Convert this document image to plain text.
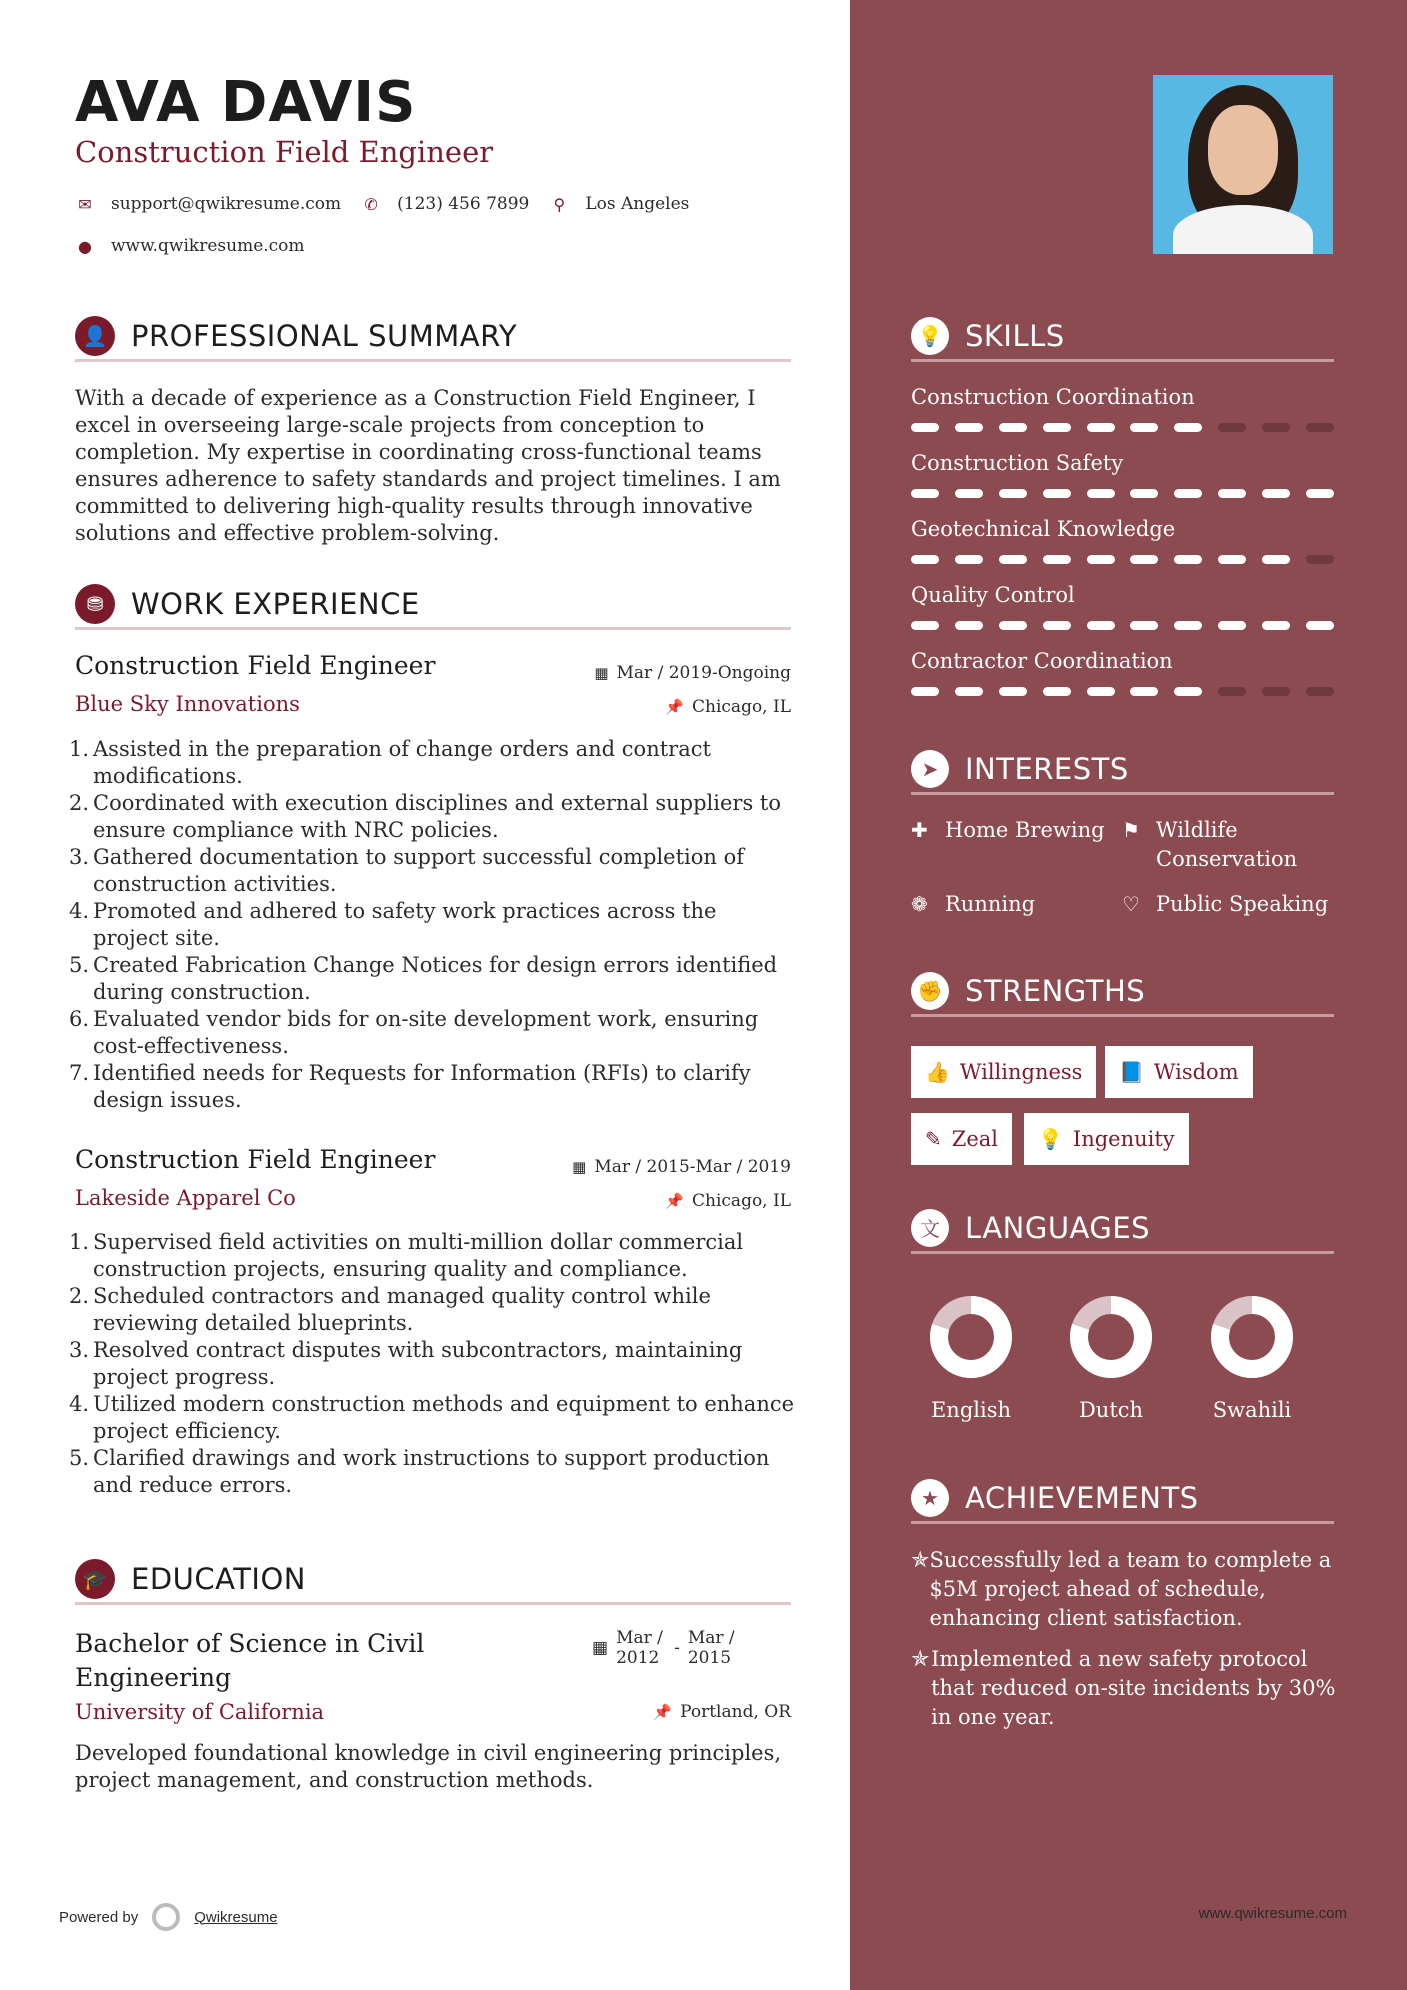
AVA DAVIS
Construction Field Engineer
✉ support@qwikresume.com ✆ (123) 456 7899 ⚲ Los Angeles
● www.qwikresume.com
👤 PROFESSIONAL SUMMARY
With a decade of experience as a Construction Field Engineer, I excel in overseeing large-scale projects from conception to completion. My expertise in coordinating cross-functional teams ensures adherence to safety standards and project timelines. I am committed to delivering high-quality results through innovative solutions and effective problem-solving.
⛃ WORK EXPERIENCE
Construction Field Engineer	▦ Mar / 2019-Ongoing
Blue Sky Innovations	📌 Chicago, IL
1. Assisted in the preparation of change orders and contract modifications.
2. Coordinated with execution disciplines and external suppliers to ensure compliance with NRC policies.
3. Gathered documentation to support successful completion of construction activities.
4. Promoted and adhered to safety work practices across the project site.
5. Created Fabrication Change Notices for design errors identified during construction.
6. Evaluated vendor bids for on-site development work, ensuring cost-effectiveness.
7. Identified needs for Requests for Information (RFIs) to clarify design issues.
Construction Field Engineer	▦ Mar / 2015-Mar / 2019
Lakeside Apparel Co	📌 Chicago, IL
1. Supervised field activities on multi-million dollar commercial construction projects, ensuring quality and compliance.
2. Scheduled contractors and managed quality control while reviewing detailed blueprints.
3. Resolved contract disputes with subcontractors, maintaining project progress.
4. Utilized modern construction methods and equipment to enhance project efficiency.
5. Clarified drawings and work instructions to support production and reduce errors.
🎓 EDUCATION
Bachelor of Science in Civil
Engineering
▦ Mar / 2012 - Mar / 2015
University of California	📌 Portland, OR
Developed foundational knowledge in civil engineering principles, project management, and construction methods.
Powered by	Qwikresume	www.qwikresume.com
💡 SKILLS
Construction Coordination
Construction Safety
Geotechnical Knowledge
Quality Control
Contractor Coordination
➤ INTERESTS
✚ Home Brewing ⚑ Wildlife
Conservation
❁ Running	♡ Public Speaking
✊ STRENGTHS
👍 Willingness 📘 Wisdom
✎ Zeal 💡 Ingenuity
文 LANGUAGES
English	Dutch	Swahili
★ ACHIEVEMENTS
✯ Successfully led a team to complete a $5M project ahead of schedule, enhancing client satisfaction.
✯ Implemented a new safety protocol that reduced on-site incidents by 30% in one year.
